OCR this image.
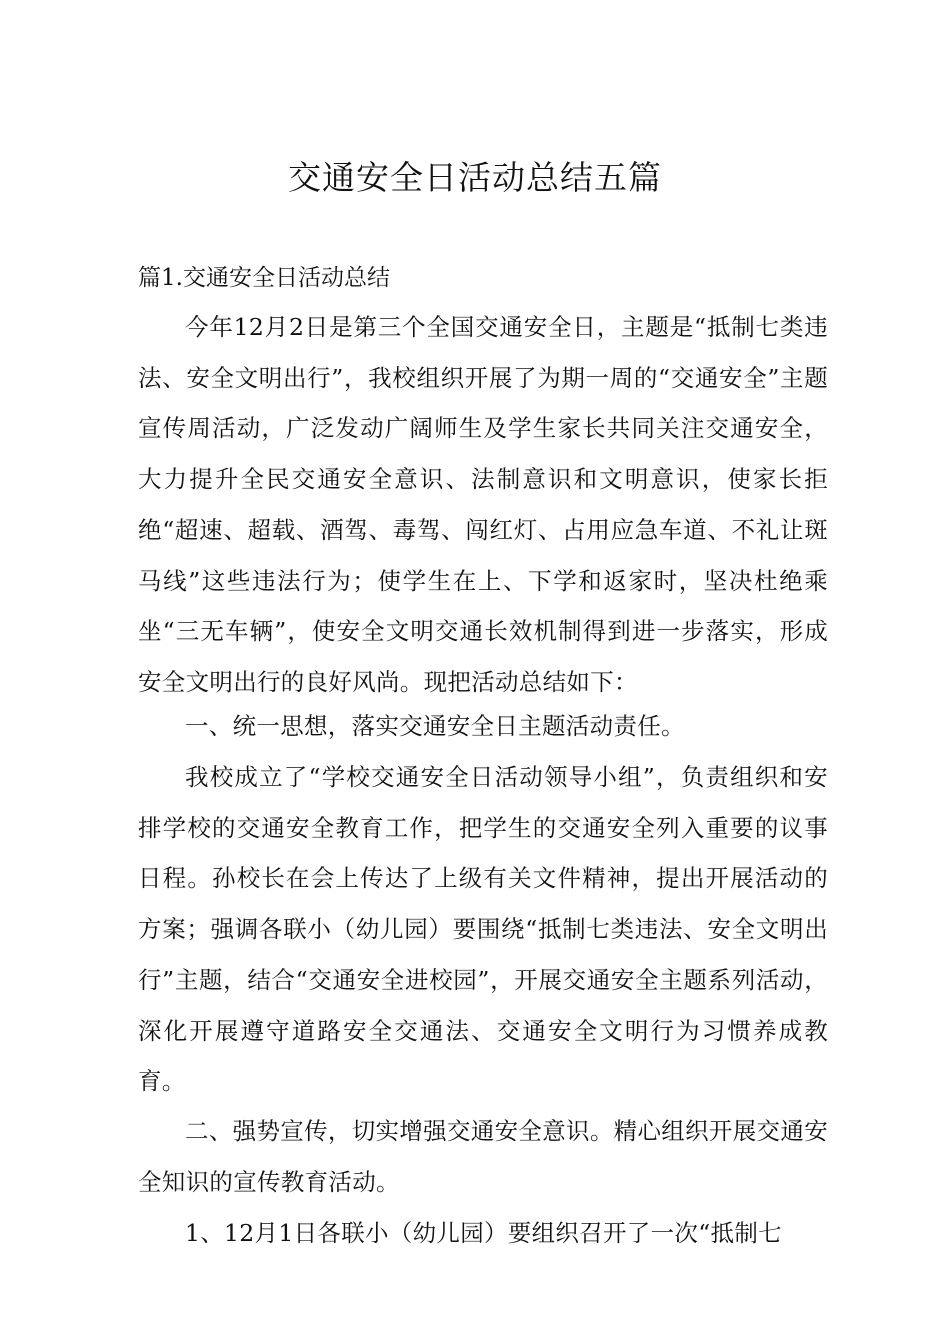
交通安全日活动总结五篇

篇1.交通安全日活动总结

今年12月2日是第三个全国交通安全日，主题是“抵制七类违法、安全文明出行”，我校组织开展了为期一周的“交通安全”主题宣传周活动，广泛发动广阔师生及学生家长共同关注交通安全，大力提升全民交通安全意识、法制意识和文明意识，使家长拒绝“超速、超载、酒驾、毒驾、闯红灯、占用应急车道、不礼让斑马线”这些违法行为；使学生在上、下学和返家时，坚决杜绝乘坐“三无车辆”，使安全文明交通长效机制得到进一步落实，形成安全文明出行的良好风尚。现把活动总结如下：

一、统一思想，落实交通安全日主题活动责任。

我校成立了“学校交通安全日活动领导小组”，负责组织和安排学校的交通安全教育工作，把学生的交通安全列入重要的议事日程。孙校长在会上传达了上级有关文件精神，提出开展活动的方案；强调各联小（幼儿园）要围绕“抵制七类违法、安全文明出行”主题，结合“交通安全进校园”，开展交通安全主题系列活动，深化开展遵守道路安全交通法、交通安全文明行为习惯养成教育。

二、强势宣传，切实增强交通安全意识。精心组织开展交通安全知识的宣传教育活动。

1、12月1日各联小（幼儿园）要组织召开了一次“抵制七
